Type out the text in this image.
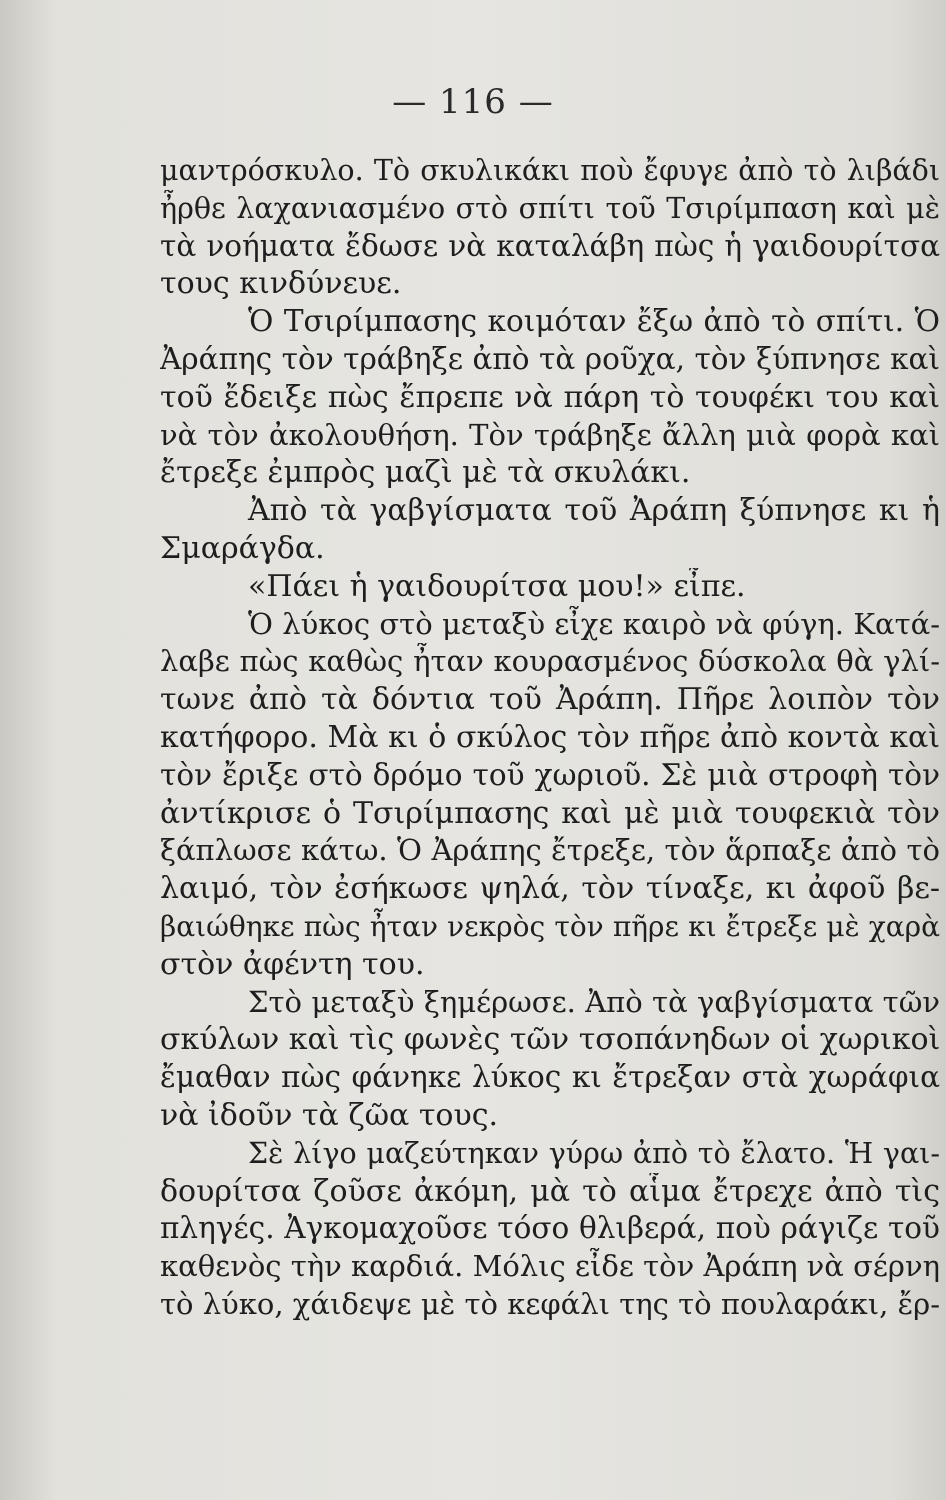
— 116 —
μαντρόσκυλο. Τὸ σκυλικάκι ποὺ ἔφυγε ἀπὸ τὸ λιβάδι
ἦρθε λαχανιασμένο στὸ σπίτι τοῦ Τσιρίμπαση καὶ μὲ
τὰ νοήματα ἔδωσε νὰ καταλάβη πὼς ἡ γαιδουρίτσα
τους κινδύνευε.
Ὁ Τσιρίμπασης κοιμόταν ἔξω ἀπὸ τὸ σπίτι. Ὁ
Ἀράπης τὸν τράβηξε ἀπὸ τὰ ροῦχα, τὸν ξύπνησε καὶ
τοῦ ἔδειξε πὼς ἔπρεπε νὰ πάρη τὸ τουφέκι του καὶ
νὰ τὸν ἀκολουθήση. Τὸν τράβηξε ἄλλη μιὰ φορὰ καὶ
ἔτρεξε ἐμπρὸς μαζὶ μὲ τὰ σκυλάκι.
Ἀπὸ τὰ γαβγίσματα τοῦ Ἀράπη ξύπνησε κι ἡ
Σμαράγδα.
«Πάει ἡ γαιδουρίτσα μου!» εἶπε.
Ὁ λύκος στὸ μεταξὺ εἶχε καιρὸ νὰ φύγη. Κατά-
λαβε πὼς καθὼς ἦταν κουρασμένος δύσκολα θὰ γλί-
τωνε ἀπὸ τὰ δόντια τοῦ Ἀράπη. Πῆρε λοιπὸν τὸν
κατήφορο. Μὰ κι ὁ σκύλος τὸν πῆρε ἀπὸ κοντὰ καὶ
τὸν ἔριξε στὸ δρόμο τοῦ χωριοῦ. Σὲ μιὰ στροφὴ τὸν
ἀντίκρισε ὁ Τσιρίμπασης καὶ μὲ μιὰ τουφεκιὰ τὸν
ξάπλωσε κάτω. Ὁ Ἀράπης ἔτρεξε, τὸν ἅρπαξε ἀπὸ τὸ
λαιμό, τὸν ἐσήκωσε ψηλά, τὸν τίναξε, κι ἀφοῦ βε-
βαιώθηκε πὼς ἦταν νεκρὸς τὸν πῆρε κι ἔτρεξε μὲ χαρὰ
στὸν ἀφέντη του.
Στὸ μεταξὺ ξημέρωσε. Ἀπὸ τὰ γαβγίσματα τῶν
σκύλων καὶ τὶς φωνὲς τῶν τσοπάνηδων οἱ χωρικοὶ
ἔμαθαν πὼς φάνηκε λύκος κι ἔτρεξαν στὰ χωράφια
νὰ ἰδοῦν τὰ ζῶα τους.
Σὲ λίγο μαζεύτηκαν γύρω ἀπὸ τὸ ἔλατο. Ἡ γαι-
δουρίτσα ζοῦσε ἀκόμη, μὰ τὸ αἷμα ἔτρεχε ἀπὸ τὶς
πληγές. Ἀγκομαχοῦσε τόσο θλιβερά, ποὺ ράγιζε τοῦ
καθενὸς τὴν καρδιά. Μόλις εἶδε τὸν Ἀράπη νὰ σέρνη
τὸ λύκο, χάιδεψε μὲ τὸ κεφάλι της τὸ πουλαράκι, ἔρ-
